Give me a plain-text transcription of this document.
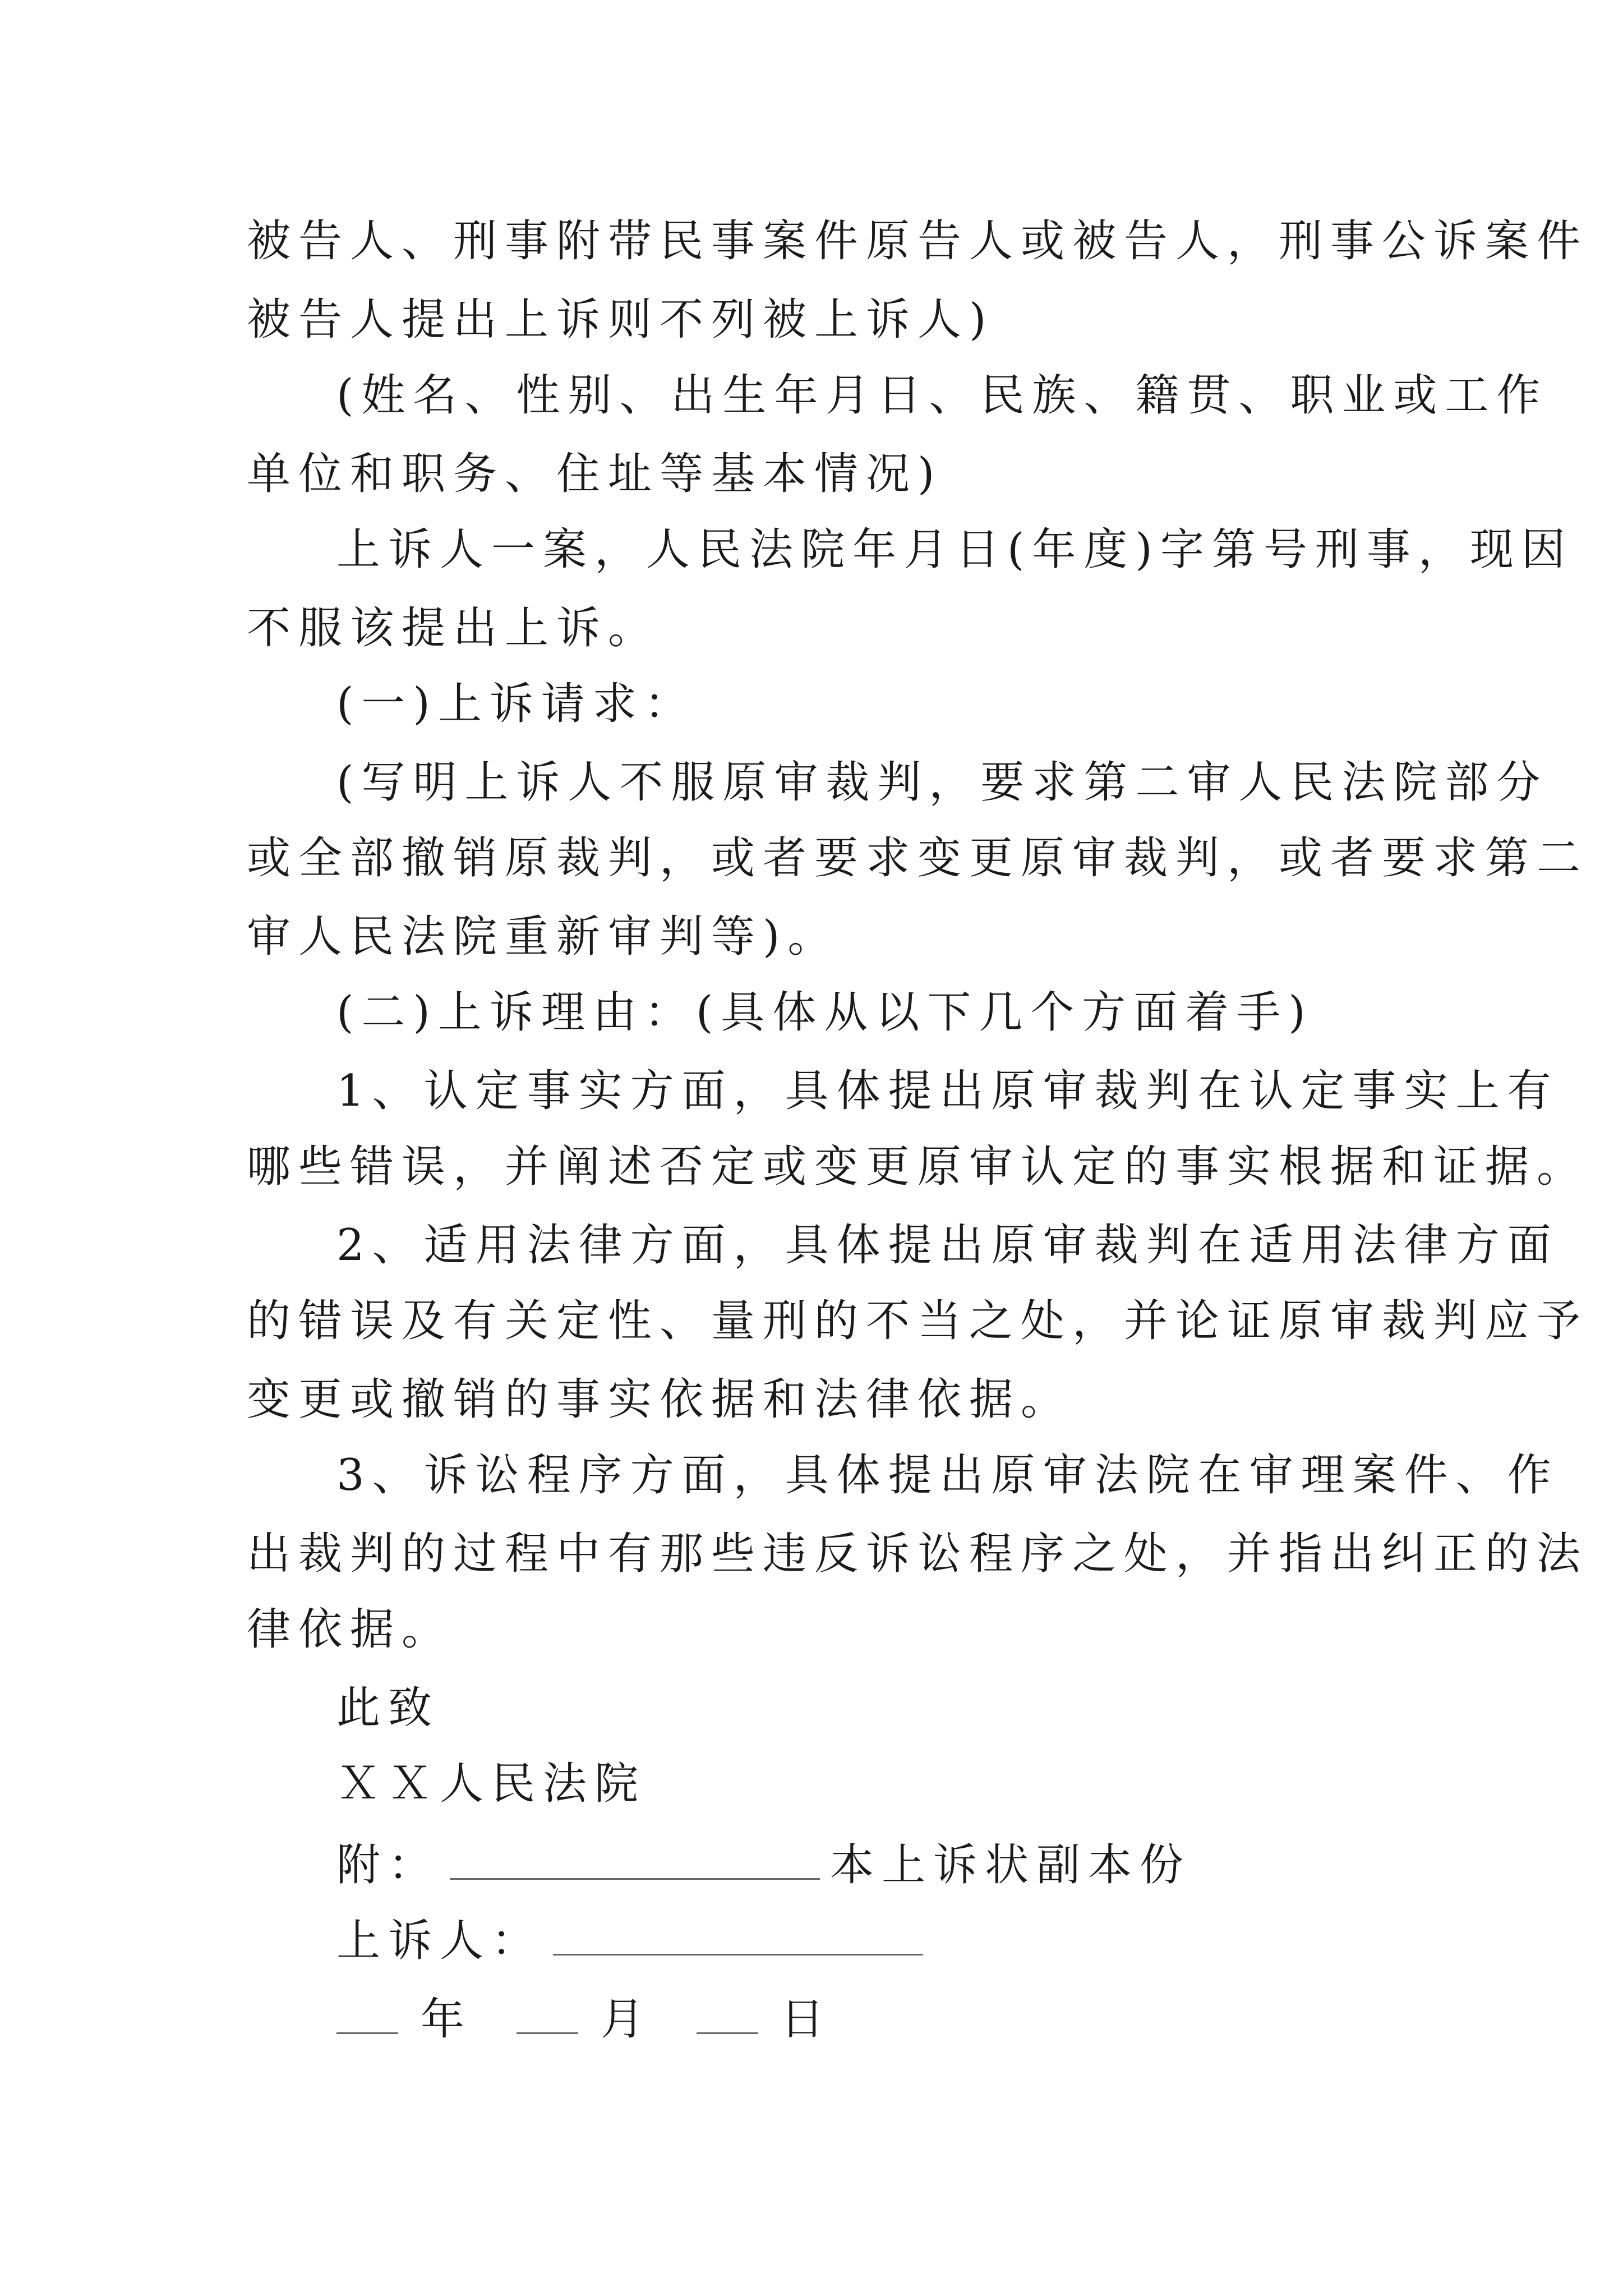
被告人、刑事附带民事案件原告人或被告人，刑事公诉案件
被告人提出上诉则不列被上诉人)
(姓名、性别、出生年月日、民族、籍贯、职业或工作
单位和职务、住址等基本情况)
上诉人一案，人民法院年月日(年度)字第号刑事，现因
不服该提出上诉。
(一)上诉请求：
(写明上诉人不服原审裁判，要求第二审人民法院部分
或全部撤销原裁判，或者要求变更原审裁判，或者要求第二
审人民法院重新审判等)。
(二)上诉理由：(具体从以下几个方面着手)
1、认定事实方面，具体提出原审裁判在认定事实上有
哪些错误，并阐述否定或变更原审认定的事实根据和证据。
2、适用法律方面，具体提出原审裁判在适用法律方面
的错误及有关定性、量刑的不当之处，并论证原审裁判应予
变更或撤销的事实依据和法律依据。
3、诉讼程序方面，具体提出原审法院在审理案件、作
出裁判的过程中有那些违反诉讼程序之处，并指出纠正的法
律依据。
此致
ＸＸ人民法院
附：	本上诉状副本份
上诉人：
年	月	日
